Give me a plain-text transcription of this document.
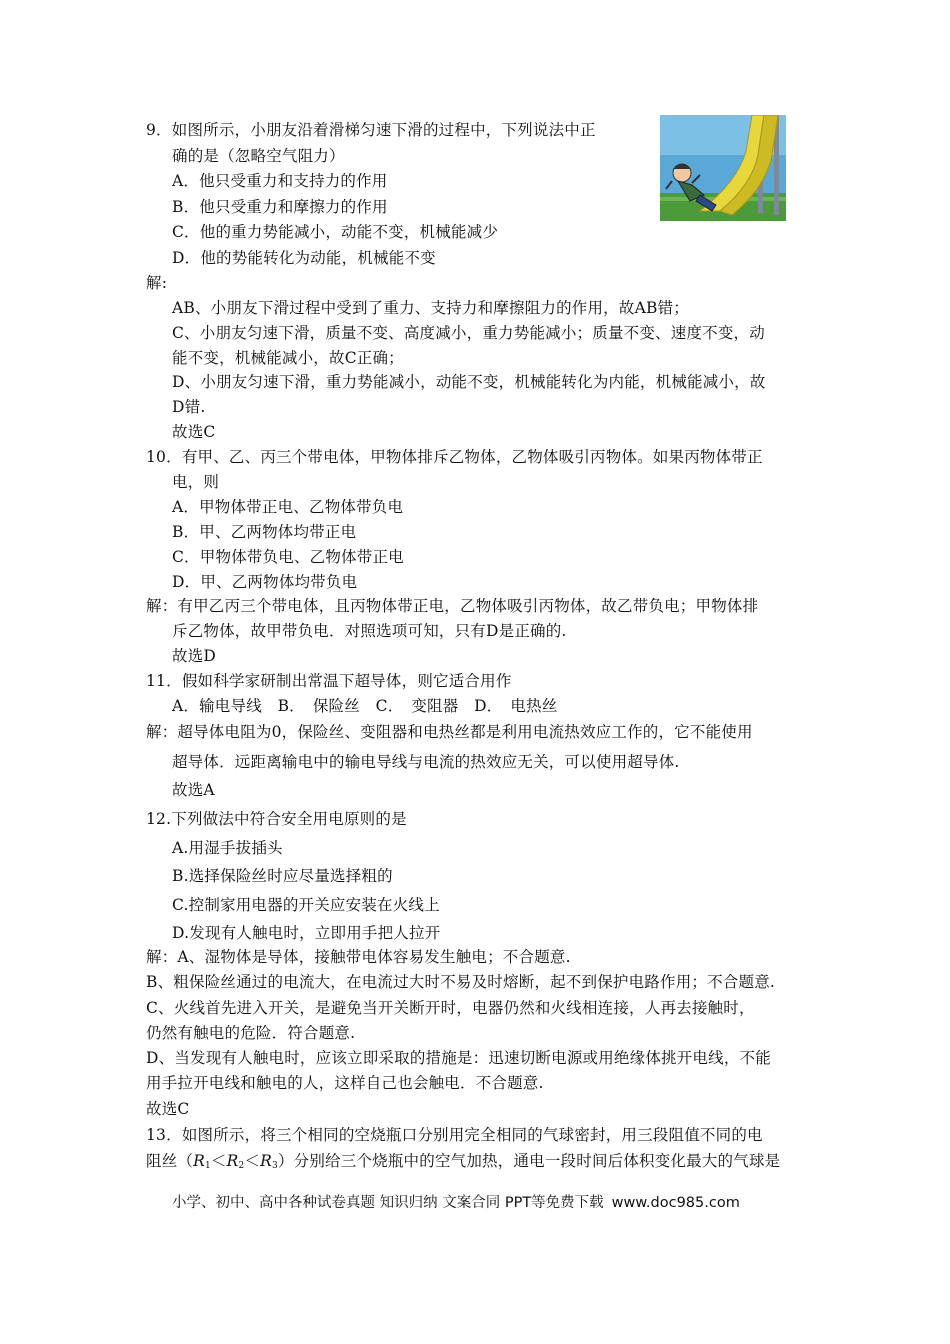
9．如图所示，小朋友沿着滑梯匀速下滑的过程中，下列说法中正
确的是（忽略空气阻力）
A．他只受重力和支持力的作用
B．他只受重力和摩擦力的作用
C．他的重力势能减小，动能不变，机械能减少
D．他的势能转化为动能，机械能不变
解:
AB、小朋友下滑过程中受到了重力、支持力和摩擦阻力的作用，故AB错；
C、小朋友匀速下滑，质量不变、高度减小，重力势能减小；质量不变、速度不变，动
能不变，机械能减小，故C正确；
D、小朋友匀速下滑，重力势能减小，动能不变，机械能转化为内能，机械能减小，故
D错.
故选C
10．有甲、乙、丙三个带电体，甲物体排斥乙物体，乙物体吸引丙物体。如果丙物体带正
电，则
A．甲物体带正电、乙物体带负电
B．甲、乙两物体均带正电
C．甲物体带负电、乙物体带正电
D．甲、乙两物体均带负电
解：有甲乙丙三个带电体，且丙物体带正电，乙物体吸引丙物体，故乙带负电；甲物体排
斥乙物体，故甲带负电．对照选项可知，只有D是正确的.
故选D
11．假如科学家研制出常温下超导体，则它适合用作
A．输电导线　B．　保险丝　C．　变阻器　D．　电热丝
解：超导体电阻为0，保险丝、变阻器和电热丝都是利用电流热效应工作的，它不能使用
超导体．远距离输电中的输电导线与电流的热效应无关，可以使用超导体.
故选A
12.下列做法中符合安全用电原则的是
A.用湿手拔插头
B.选择保险丝时应尽量选择粗的
C.控制家用电器的开关应安装在火线上
D.发现有人触电时，立即用手把人拉开
解：A、湿物体是导体，接触带电体容易发生触电；不合题意.
B、粗保险丝通过的电流大，在电流过大时不易及时熔断，起不到保护电路作用；不合题意.
C、火线首先进入开关，是避免当开关断开时，电器仍然和火线相连接，人再去接触时，
仍然有触电的危险．符合题意.
D、当发现有人触电时，应该立即采取的措施是：迅速切断电源或用绝缘体挑开电线，不能
用手拉开电线和触电的人，这样自己也会触电．不合题意.
故选C
13．如图所示，将三个相同的空烧瓶口分别用完全相同的气球密封，用三段阻值不同的电
阻丝$(R_1<R_2<R_3)$分别给三个烧瓶中的空气加热，通电一段时间后体积变化最大的气球是
小学、初中、高中各种试卷真题 知识归纳 文案合同 PPT等免费下载 www.doc985.com
